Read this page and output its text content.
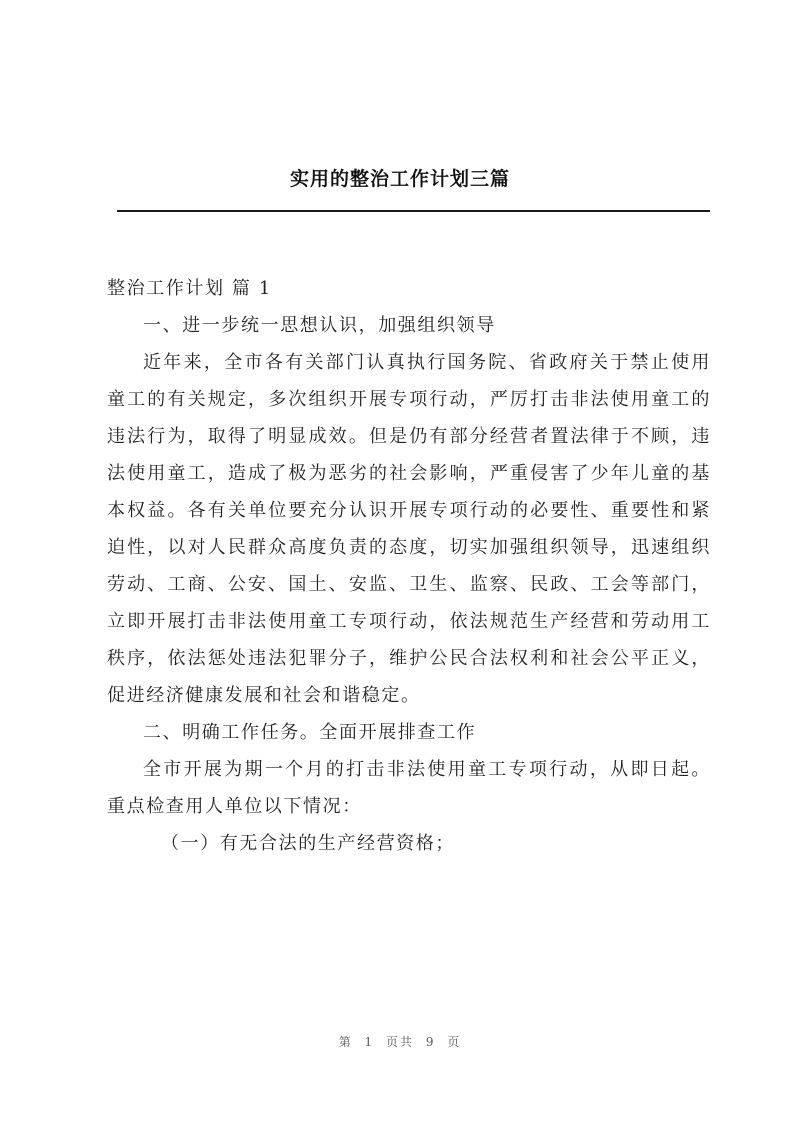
实用的整治工作计划三篇

整治工作计划 篇 1

一、进一步统一思想认识，加强组织领导

近年来，全市各有关部门认真执行国务院、省政府关于禁止使用童工的有关规定，多次组织开展专项行动，严厉打击非法使用童工的违法行为，取得了明显成效。但是仍有部分经营者置法律于不顾，违法使用童工，造成了极为恶劣的社会影响，严重侵害了少年儿童的基本权益。各有关单位要充分认识开展专项行动的必要性、重要性和紧迫性，以对人民群众高度负责的态度，切实加强组织领导，迅速组织劳动、工商、公安、国土、安监、卫生、监察、民政、工会等部门，立即开展打击非法使用童工专项行动，依法规范生产经营和劳动用工秩序，依法惩处违法犯罪分子，维护公民合法权利和社会公平正义，促进经济健康发展和社会和谐稳定。

二、明确工作任务。全面开展排查工作

全市开展为期一个月的打击非法使用童工专项行动，从即日起。重点检查用人单位以下情况：

（一）有无合法的生产经营资格；

第 1 页共 9 页
